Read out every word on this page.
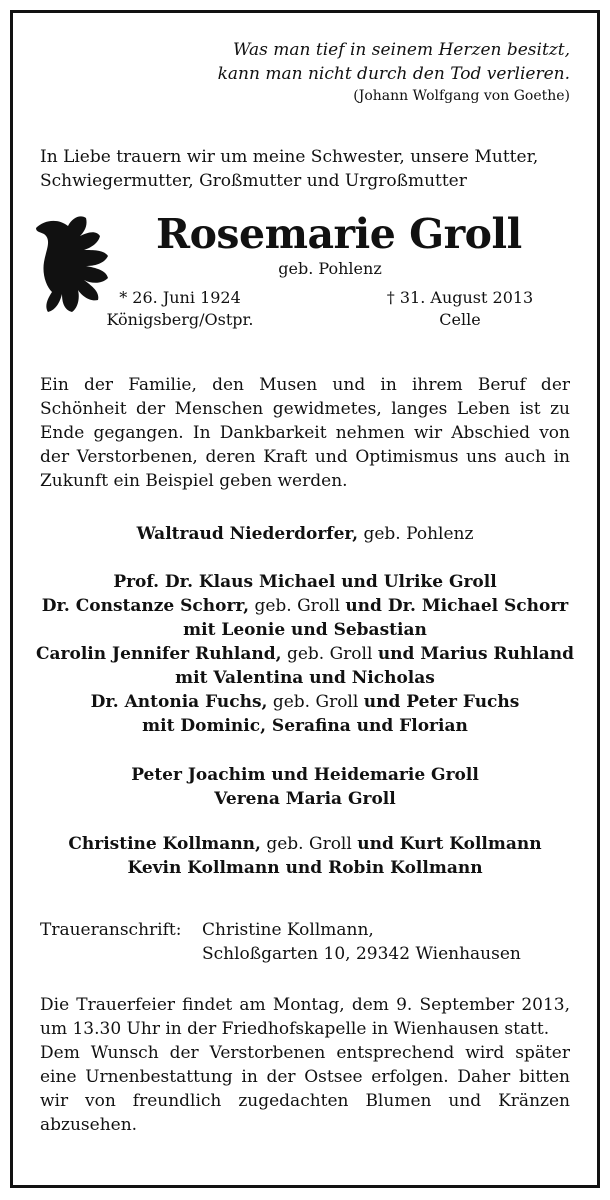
Was man tief in seinem Herzen besitzt,
kann man nicht durch den Tod verlieren.
(Johann Wolfgang von Goethe)
In Liebe trauern wir um meine Schwester, unsere Mutter,
Schwiegermutter, Großmutter und Urgroßmutter
Rosemarie Groll
geb. Pohlenz
* 26. Juni 1924
Königsberg/Ostpr.
† 31. August 2013
Celle
Ein der Familie, den Musen und in ihrem Beruf der Schönheit der Menschen gewidmetes, langes Leben ist zu Ende gegangen. In Dankbarkeit nehmen wir Abschied von der Verstorbenen, deren Kraft und Optimismus uns auch in Zukunft ein Beispiel geben werden.
Waltraud Niederdorfer, geb. Pohlenz
Prof. Dr. Klaus Michael und Ulrike Groll
Dr. Constanze Schorr, geb. Groll und Dr. Michael Schorr
mit Leonie und Sebastian
Carolin Jennifer Ruhland, geb. Groll und Marius Ruhland
mit Valentina und Nicholas
Dr. Antonia Fuchs, geb. Groll und Peter Fuchs
mit Dominic, Serafina und Florian
Peter Joachim und Heidemarie Groll
Verena Maria Groll
Christine Kollmann, geb. Groll und Kurt Kollmann
Kevin Kollmann und Robin Kollmann
Traueranschrift: Christine Kollmann,
Schloßgarten 10, 29342 Wienhausen
Die Trauerfeier findet am Montag, dem 9. September 2013, um 13.30 Uhr in der Friedhofskapelle in Wienhausen statt.
Dem Wunsch der Verstorbenen entsprechend wird später eine Urnenbestattung in der Ostsee erfolgen. Daher bitten wir von freundlich zugedachten Blumen und Kränzen abzusehen.
